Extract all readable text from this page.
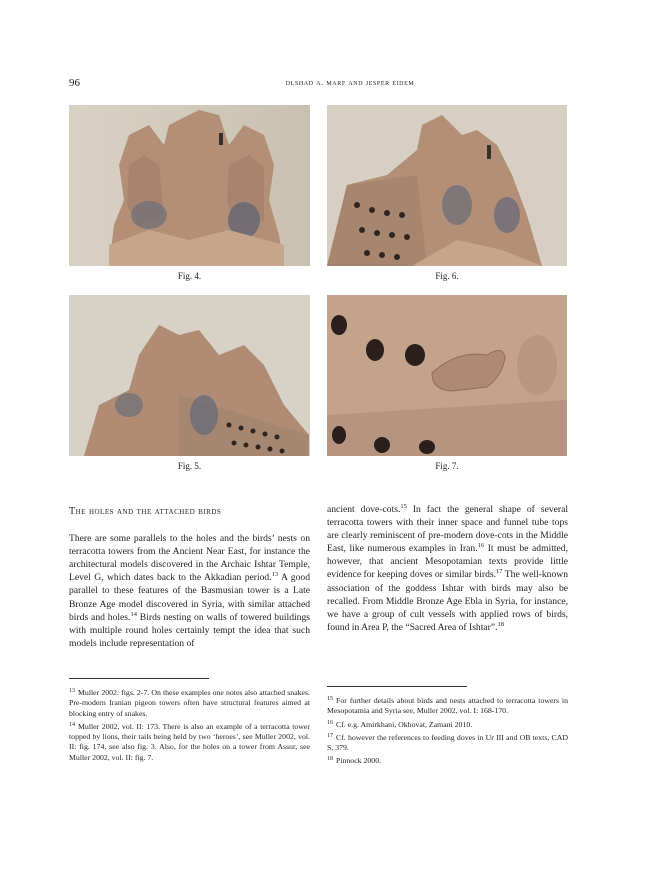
96	dlshad a. marf and jesper eidem
Fig. 4.	Fig. 6.
Fig. 5.	Fig. 7.
The holes and the attached birds

There are some parallels to the holes and the birds’ nests on terracotta towers from the Ancient Near East, for instance the architectural models discovered in the Archaic Ishtar Temple, Level G, which dates back to the Akkadian period.$^{13}$ A good parallel to these features of the Basmusian tower is a Late Bronze Age model discovered in Syria, with similar attached birds and holes.$^{14}$ Birds nesting on walls of towered buildings with multiple round holes certainly tempt the idea that such models include representation of

ancient dove-cots.$^{15}$ In fact the general shape of several terracotta towers with their inner space and funnel tube tops are clearly reminiscent of pre-modern dove-cots in the Middle East, like numerous examples in Iran.$^{16}$ It must be admitted, however, that ancient Mesopotamian texts provide little evidence for keeping doves or similar birds.$^{17}$ The well-known association of the goddess Ishtar with birds may also be recalled. From Middle Bronze Age Ebla in Syria, for instance, we have a group of cult vessels with applied rows of birds, found in Area P, the “Sacred Area of Ishtar”.$^{18}$

$^{13}$ Muller 2002: figs. 2-7. On these examples one notes also attached snakes. Pre-modern Iranian pigeon towers often have structural features aimed at blocking entry of snakes.

$^{14}$ Muller 2002, vol. II: 173. There is also an example of a terracotta tower topped by lions, their tails being held by two ‘heroes’, see Muller 2002, vol. II: fig. 174, see also fig. 3. Also, for the holes on a tower from Assur, see Muller 2002, vol. II: fig. 7.

$^{15}$ For further details about birds and nests attached to terracotta towers in Mesopotamia and Syria see, Muller 2002, vol. I: 168-170.

$^{16}$ Cf. e.g. Amirkhani, Okhovat, Zamani 2010.

$^{17}$ Cf. however the references to feeding doves in Ur III and OB texts, CAD S, 379.

$^{18}$ Pinnock 2000.
